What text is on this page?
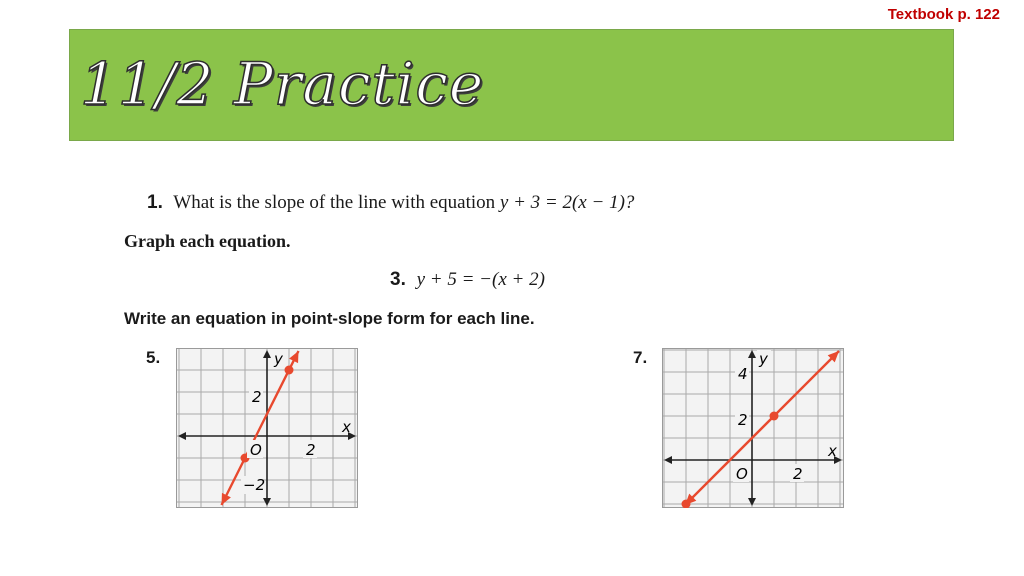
Textbook p. 122
11/2 Practice
1. What is the slope of the line with equation y + 3 = 2(x − 1)?
Graph each equation.
3. y + 5 = −(x + 2)
Write an equation in point-slope form for each line.
5.	y
x
O	2
2
−2
7.	y
x
O	2
4
2
